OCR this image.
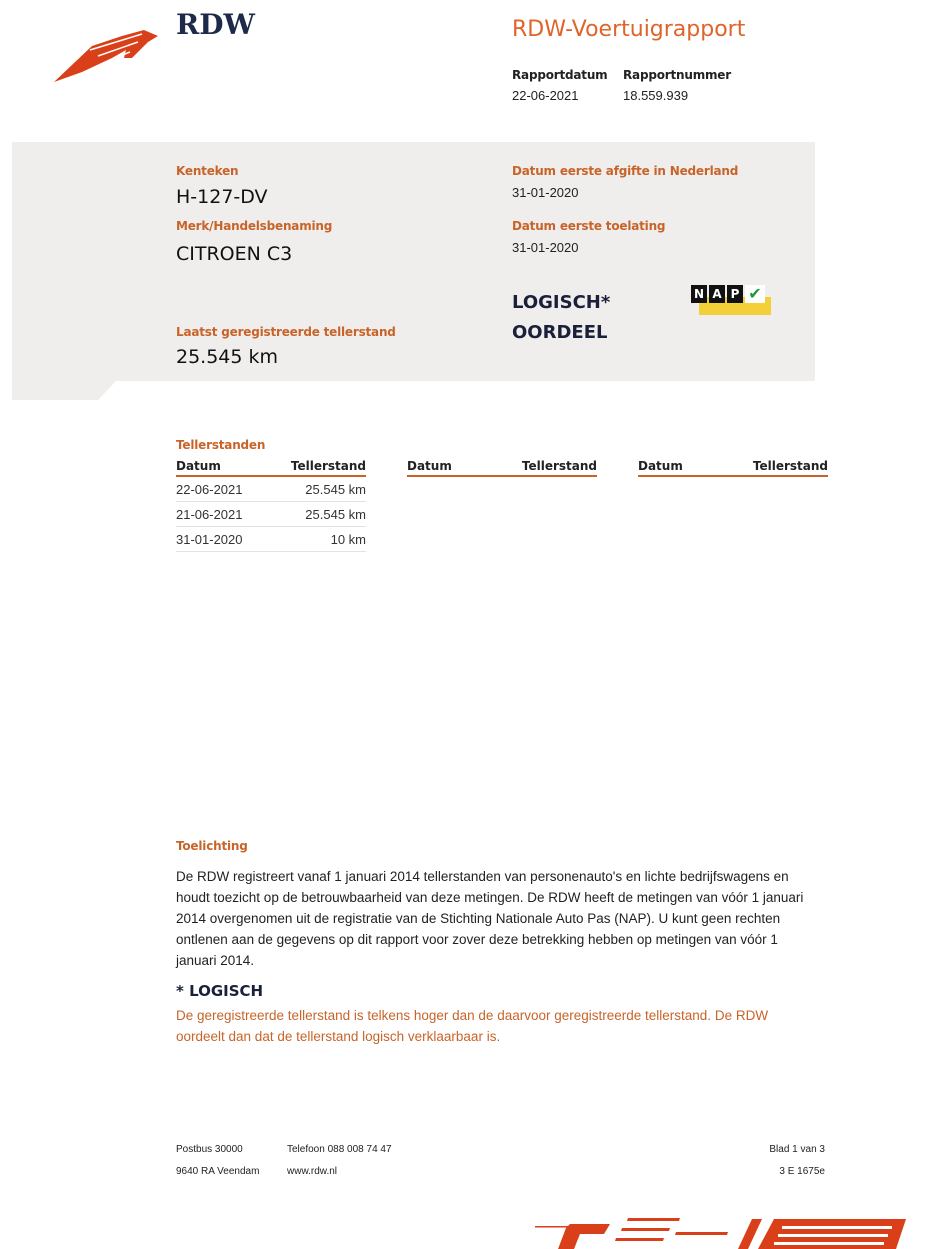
RDW	RDW-Voertuigrapport
Rapportdatum
22-06-2021
Rapportnummer
18.559.939
Kenteken
H-127-DV
Merk/Handelsbenaming
CITROEN C3
Laatst geregistreerde tellerstand
25.545 km
Datum eerste afgifte in Nederland
31-01-2020
Datum eerste toelating
31-01-2020
LOGISCH*
OORDEEL
N A P ✔
Tellerstanden
Datum	Tellerstand
22-06-2021	25.545 km
21-06-2021	25.545 km
31-01-2020	10 km
Datum	Tellerstand	Datum	Tellerstand
Toelichting
De RDW registreert vanaf 1 januari 2014 tellerstanden van personenauto's en lichte bedrijfswagens en houdt toezicht op de betrouwbaarheid van deze metingen. De RDW heeft de metingen van vóór 1 januari 2014 overgenomen uit de registratie van de Stichting Nationale Auto Pas (NAP). U kunt geen rechten ontlenen aan de gegevens op dit rapport voor zover deze betrekking hebben op metingen van vóór 1 januari 2014.
* LOGISCH
De geregistreerde tellerstand is telkens hoger dan de daarvoor geregistreerde tellerstand. De RDW oordeelt dan dat de tellerstand logisch verklaarbaar is.
Postbus 30000
9640 RA Veendam
Telefoon 088 008 74 47
www.rdw.nl
Blad 1 van 3
3 E 1675e
